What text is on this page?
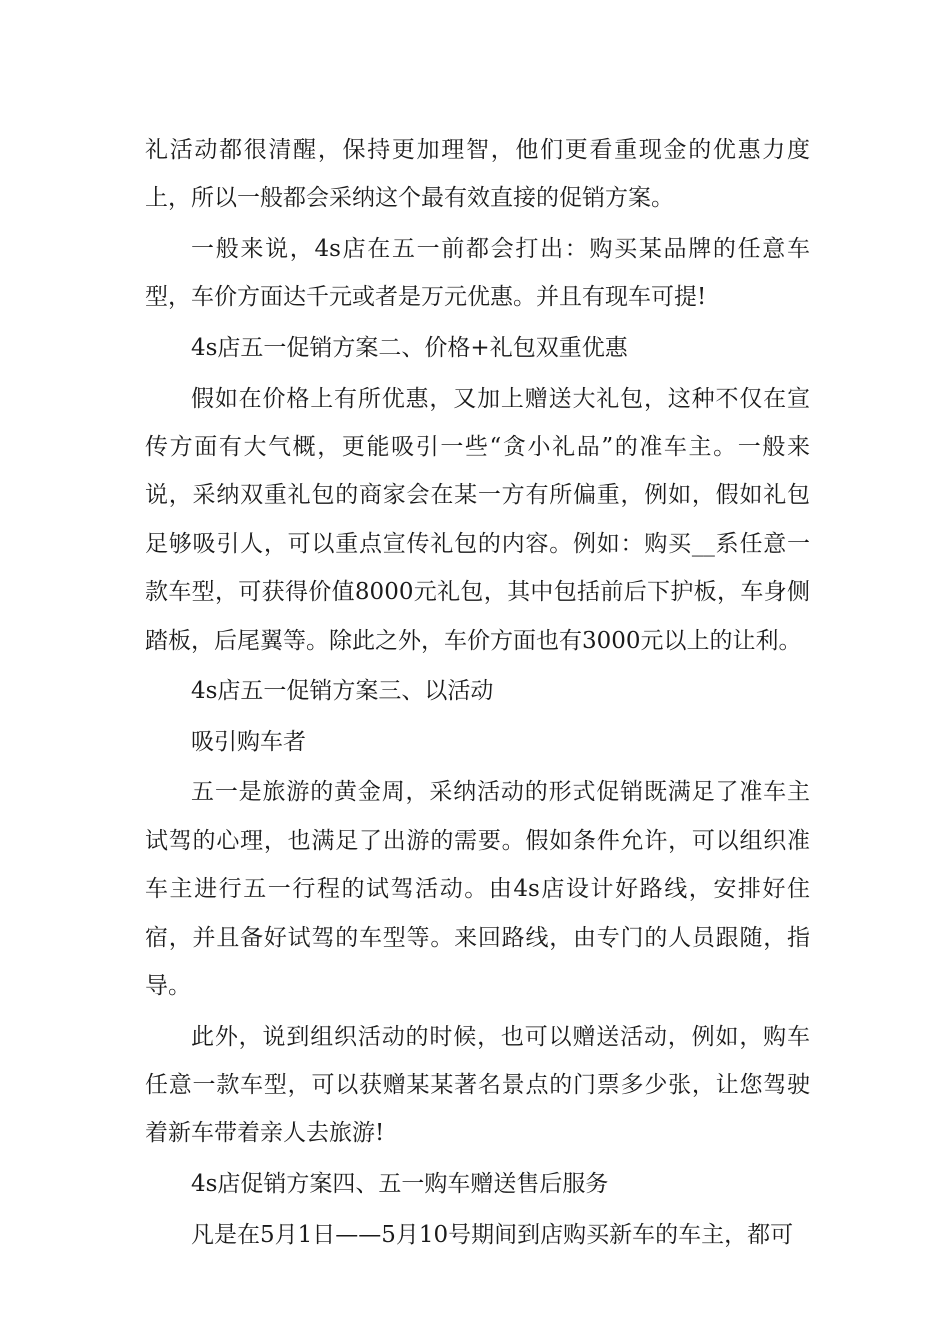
礼活动都很清醒，保持更加理智，他们更看重现金的优惠力度上，所以一般都会采纳这个最有效直接的促销方案。

一般来说，4s店在五一前都会打出：购买某品牌的任意车型，车价方面达千元或者是万元优惠。并且有现车可提!

4s店五一促销方案二、价格+礼包双重优惠

假如在价格上有所优惠，又加上赠送大礼包，这种不仅在宣传方面有大气概，更能吸引一些“贪小礼品”的准车主。一般来说，采纳双重礼包的商家会在某一方有所偏重，例如，假如礼包足够吸引人，可以重点宣传礼包的内容。例如：购买__系任意一款车型，可获得价值8000元礼包，其中包括前后下护板，车身侧踏板，后尾翼等。除此之外，车价方面也有3000元以上的让利。

4s店五一促销方案三、以活动

吸引购车者

五一是旅游的黄金周，采纳活动的形式促销既满足了准车主试驾的心理，也满足了出游的需要。假如条件允许，可以组织准车主进行五一行程的试驾活动。由4s店设计好路线，安排好住宿，并且备好试驾的车型等。来回路线，由专门的人员跟随，指导。

此外，说到组织活动的时候，也可以赠送活动，例如，购车任意一款车型，可以获赠某某著名景点的门票多少张，让您驾驶着新车带着亲人去旅游!

4s店促销方案四、五一购车赠送售后服务

凡是在5月1日——5月10号期间到店购买新车的车主，都可
